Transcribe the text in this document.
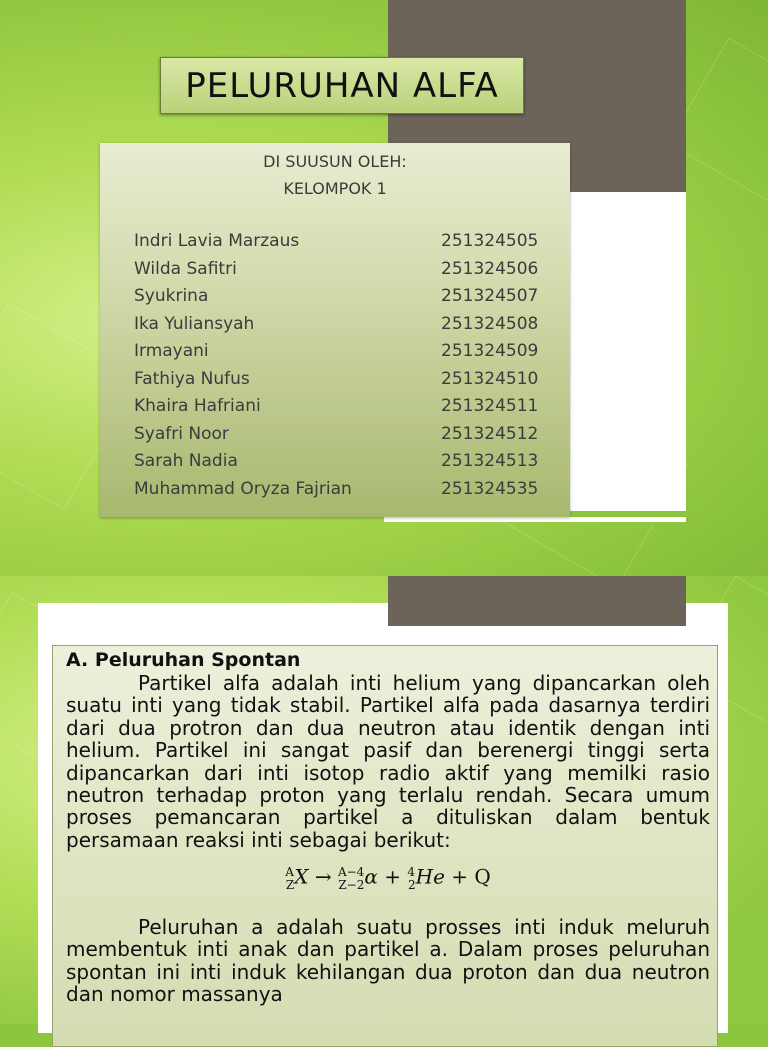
PELURUHAN ALFA
DI SUUSUN OLEH:
KELOMPOK 1
Indri Lavia Marzaus	251324505
Wilda Safitri	251324506
Syukrina	251324507
Ika Yuliansyah	251324508
Irmayani	251324509
Fathiya Nufus	251324510
Khaira Hafriani	251324511
Syafri Noor	251324512
Sarah Nadia	251324513
Muhammad Oryza Fajrian	251324535
A. Peluruhan Spontan

Partikel alfa adalah inti helium yang dipancarkan oleh suatu inti yang tidak stabil. Partikel alfa pada dasarnya terdiri dari dua protron dan dua neutron atau identik dengan inti helium. Partikel ini sangat pasif dan berenergi tinggi serta dipancarkan dari inti isotop radio aktif yang memilki rasio neutron terhadap proton yang terlalu rendah. Secara umum proses pemancaran partikel a dituliskan dalam bentuk persamaan reaksi inti sebagai berikut:

$^A_Z$X → $^{A-4}_{Z-2}$α + $^4_2$He + Q

Peluruhan a adalah suatu prosses inti induk meluruh membentuk inti anak dan partikel a. Dalam proses peluruhan spontan ini inti induk kehilangan dua proton dan dua neutron dan nomor massanya
